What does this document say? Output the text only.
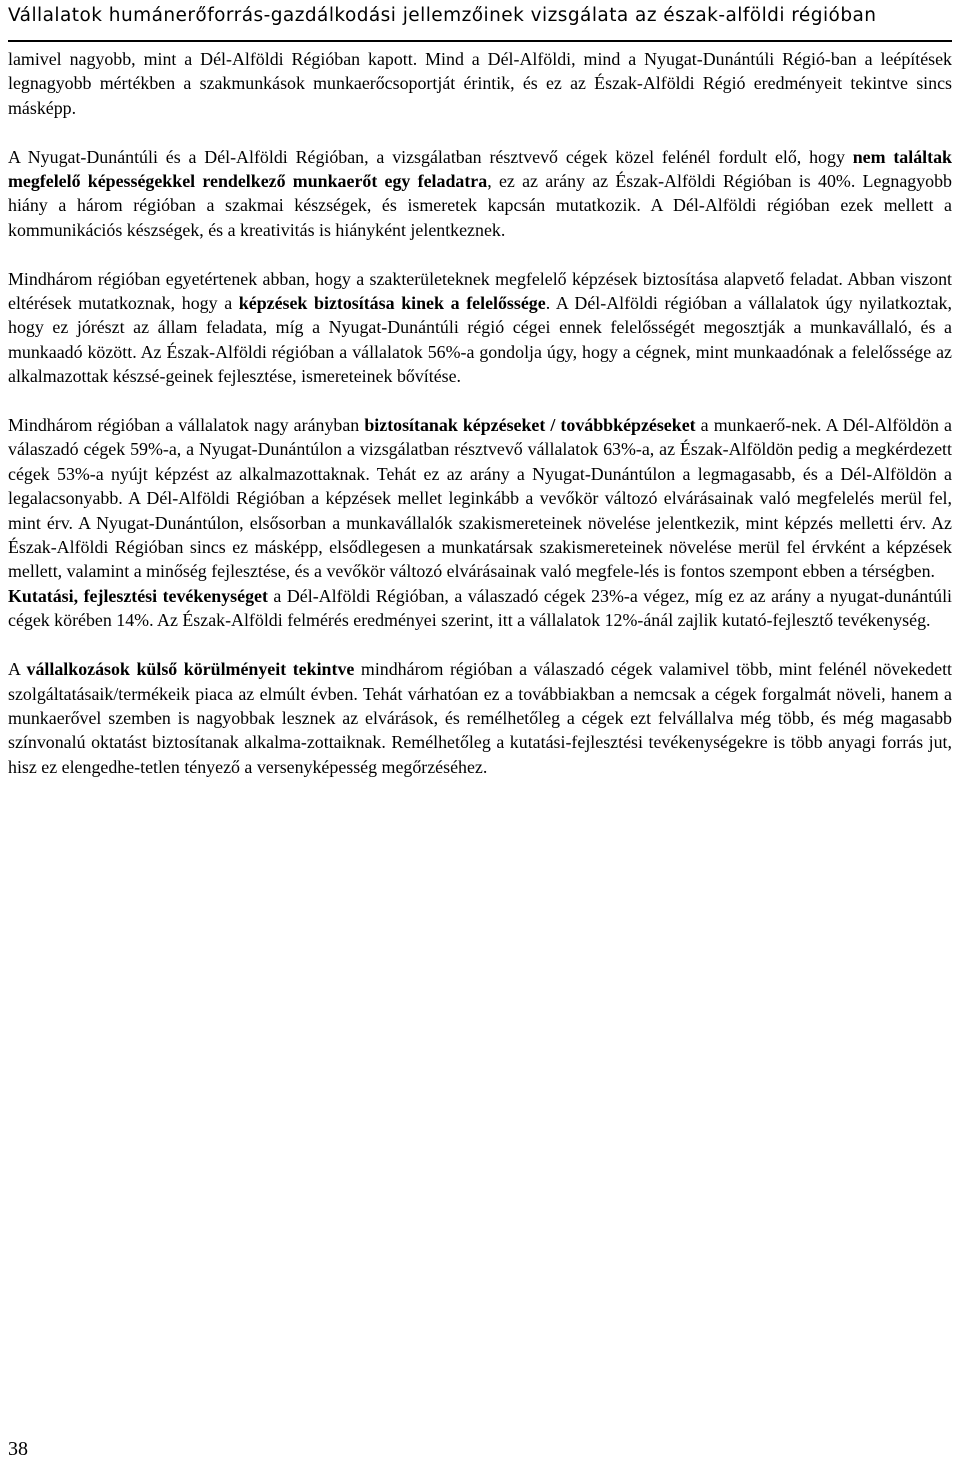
Vállalatok humánerőforrás-gazdálkodási jellemzőinek vizsgálata az észak-alföldi régióban

lamivel nagyobb, mint a Dél-Alföldi Régióban kapott. Mind a Dél-Alföldi, mind a Nyugat-Dunántúli Régió-ban a leépítések legnagyobb mértékben a szakmunkások munkaerőcsoportját érintik, és ez az Észak-Alföldi Régió eredményeit tekintve sincs másképp.

A Nyugat-Dunántúli és a Dél-Alföldi Régióban, a vizsgálatban résztvevő cégek közel felénél fordult elő, hogy nem találtak megfelelő képességekkel rendelkező munkaerőt egy feladatra, ez az arány az Észak-Alföldi Régióban is 40%. Legnagyobb hiány a három régióban a szakmai készségek, és ismeretek kapcsán mutatkozik. A Dél-Alföldi régióban ezek mellett a kommunikációs készségek, és a kreativitás is hiányként jelentkeznek.

Mindhárom régióban egyetértenek abban, hogy a szakterületeknek megfelelő képzések biztosítása alapvető feladat. Abban viszont eltérések mutatkoznak, hogy a képzések biztosítása kinek a felelőssége. A Dél-Alföldi régióban a vállalatok úgy nyilatkoztak, hogy ez jórészt az állam feladata, míg a Nyugat-Dunántúli régió cégei ennek felelősségét megosztják a munkavállaló, és a munkaadó között. Az Észak-Alföldi régióban a vállalatok 56%-a gondolja úgy, hogy a cégnek, mint munkaadónak a felelőssége az alkalmazottak készsé-geinek fejlesztése, ismereteinek bővítése.

Mindhárom régióban a vállalatok nagy arányban biztosítanak képzéseket / továbbképzéseket a munkaerő-nek. A Dél-Alföldön a válaszadó cégek 59%-a, a Nyugat-Dunántúlon a vizsgálatban résztvevő vállalatok 63%-a, az Észak-Alföldön pedig a megkérdezett cégek 53%-a nyújt képzést az alkalmazottaknak. Tehát ez az arány a Nyugat-Dunántúlon a legmagasabb, és a Dél-Alföldön a legalacsonyabb. A Dél-Alföldi Régióban a képzések mellet leginkább a vevőkör változó elvárásainak való megfelelés merül fel, mint érv. A Nyugat-Dunántúlon, elsősorban a munkavállalók szakismereteinek növelése jelentkezik, mint képzés melletti érv. Az Észak-Alföldi Régióban sincs ez másképp, elsődlegesen a munkatársak szakismereteinek növelése merül fel érvként a képzések mellett, valamint a minőség fejlesztése, és a vevőkör változó elvárásainak való megfele-lés is fontos szempont ebben a térségben.

Kutatási, fejlesztési tevékenységet a Dél-Alföldi Régióban, a válaszadó cégek 23%-a végez, míg ez az arány a nyugat-dunántúli cégek körében 14%. Az Észak-Alföldi felmérés eredményei szerint, itt a vállalatok 12%-ánál zajlik kutató-fejlesztő tevékenység.

A vállalkozások külső körülményeit tekintve mindhárom régióban a válaszadó cégek valamivel több, mint felénél növekedett szolgáltatásaik/termékeik piaca az elmúlt évben. Tehát várhatóan ez a továbbiakban a nemcsak a cégek forgalmát növeli, hanem a munkaerővel szemben is nagyobbak lesznek az elvárások, és remélhetőleg a cégek ezt felvállalva még több, és még magasabb színvonalú oktatást biztosítanak alkalma-zottaiknak. Remélhetőleg a kutatási-fejlesztési tevékenységekre is több anyagi forrás jut, hisz ez elengedhe-tetlen tényező a versenyképesség megőrzéséhez.

38
